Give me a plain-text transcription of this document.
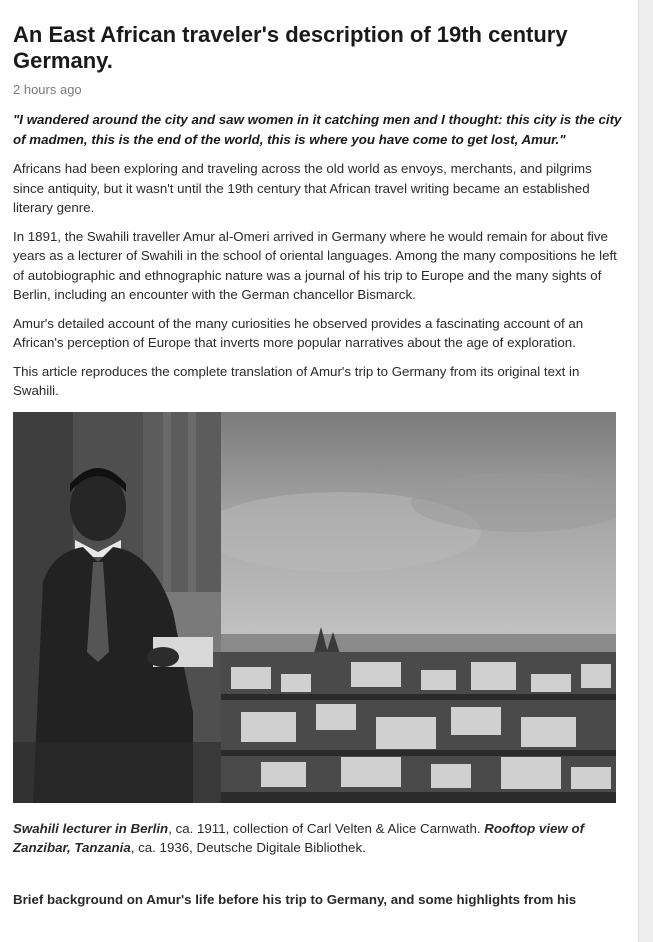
An East African traveler's description of 19th century Germany.
2 hours ago
"I wandered around the city and saw women in it catching men and I thought: this city is the city of madmen, this is the end of the world, this is where you have come to get lost, Amur."
Africans had been exploring and traveling across the old world as envoys, merchants, and pilgrims since antiquity, but it wasn't until the 19th century that African travel writing became an established literary genre.
In 1891, the Swahili traveller Amur al-Omeri arrived in Germany where he would remain for about five years as a lecturer of Swahili in the school of oriental languages. Among the many compositions he left of autobiographic and ethnographic nature was a journal of his trip to Europe and the many sights of Berlin, including an encounter with the German chancellor Bismarck.
Amur's detailed account of the many curiosities he observed provides a fascinating account of an African's perception of Europe that inverts more popular narratives about the age of exploration.
This article reproduces the complete translation of Amur's trip to Germany from its original text in Swahili.
Swahili lecturer in Berlin, ca. 1911, collection of Carl Velten & Alice Carnwath. Rooftop view of Zanzibar, Tanzania, ca. 1936, Deutsche Digitale Bibliothek.
Brief background on Amur's life before his trip to Germany, and some highlights from his
